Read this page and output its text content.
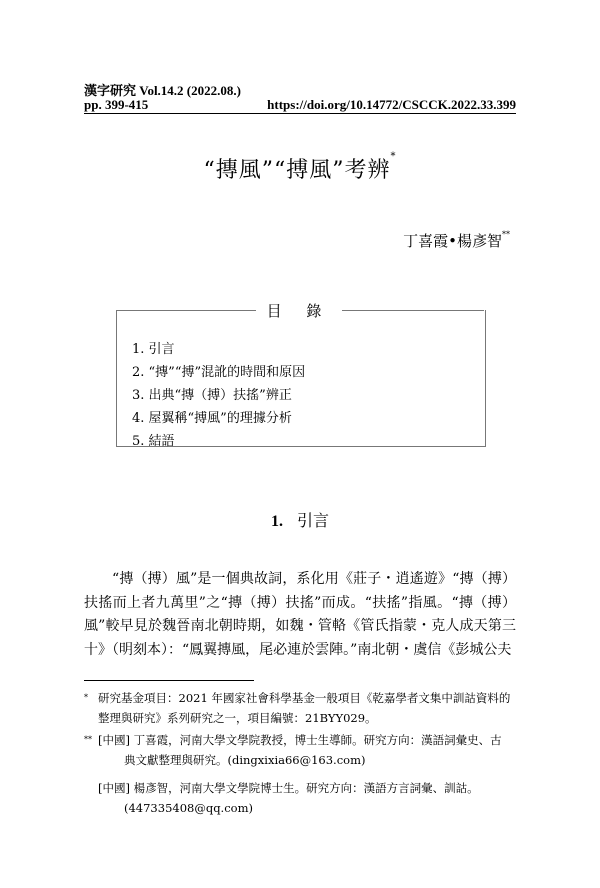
漢字研究 Vol.14.2 (2022.08.)
pp. 399-415	https://doi.org/10.14772/CSCCK.2022.33.399
“摶風”“搏風”考辨*
丁喜霞•楊彥智**
目 錄
1. 引言
2. “摶”“搏”混訛的時間和原因
3. 出典“摶（搏）扶搖”辨正
4. 屋翼稱“搏風”的理據分析
5. 結語
1. 引言

“摶（搏）風”是一個典故詞，系化用《莊子・逍遙遊》“摶（搏）扶搖而上者九萬里”之“摶（搏）扶搖”而成。“扶搖”指風。“摶（搏）風”較早見於魏晉南北朝時期，如魏・管輅《管氏指蒙・克人成天第三十》（明刻本）：“鳳翼摶風，尾必連於雲陣。”南北朝・虞信《彭城公夫

* 研究基金項目：2021 年國家社會科學基金一般項目《乾嘉學者文集中訓詁資料的
整理與研究》系列研究之一，項目編號：21BYY029。
** [中國] 丁喜霞，河南大學文學院教授，博士生導師。研究方向：漢語詞彙史、古
典文獻整理與研究。(dingxixia66@163.com)
[中國] 楊彥智，河南大學文學院博士生。研究方向：漢語方言詞彙、訓詁。
(447335408@qq.com)
